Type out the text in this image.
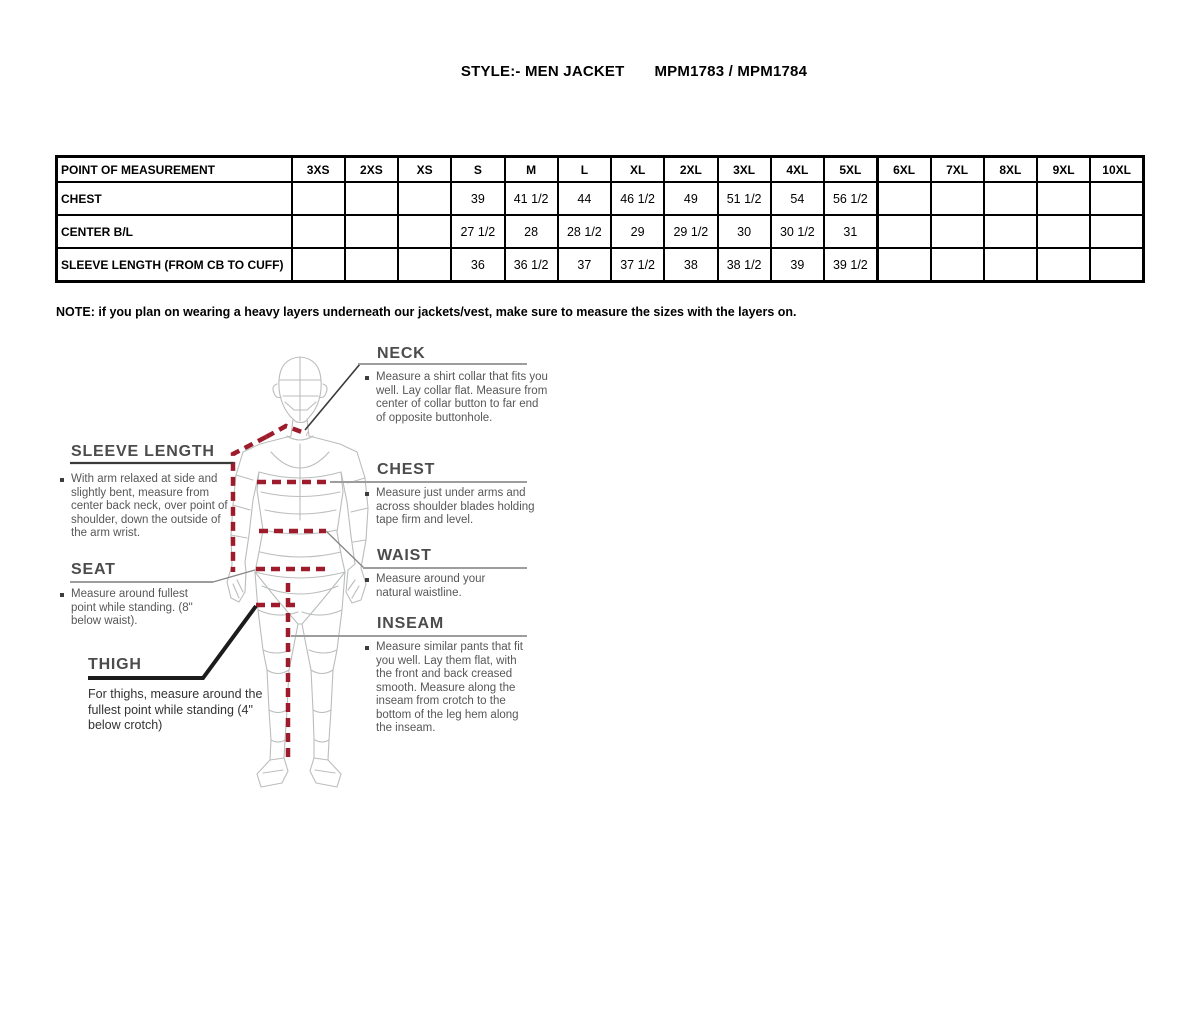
STYLE:- MEN JACKET MPM1783 / MPM1784
POINT OF MEASUREMENT	3XS	2XS	XS	S	M	L	XL	2XL	3XL	4XL	5XL	6XL	7XL	8XL	9XL	10XL
CHEST				39	41 1/2	44	46 1/2	49	51 1/2	54	56 1/2					
CENTER B/L				27 1/2	28	28 1/2	29	29 1/2	30	30 1/2	31					
SLEEVE LENGTH (FROM CB TO CUFF)				36	36 1/2	37	37 1/2	38	38 1/2	39	39 1/2					
NOTE: if you plan on wearing a heavy layers underneath our jackets/vest, make sure to measure the sizes with the layers on.
NECK
Measure a shirt collar that fits you well. Lay collar flat. Measure from center of collar button to far end of opposite buttonhole.
CHEST
Measure just under arms and across shoulder blades holding tape firm and level.
WAIST
Measure around your natural waistline.
INSEAM
Measure similar pants that fit you well. Lay them flat, with the front and back creased smooth. Measure along the inseam from crotch to the bottom of the leg hem along the inseam.
SLEEVE LENGTH
With arm relaxed at side and slightly bent, measure from center back neck, over point of shoulder, down the outside of the arm wrist.
SEAT
Measure around fullest point while standing. (8" below waist).
THIGH
For thighs, measure around the fullest point while standing (4" below crotch)
